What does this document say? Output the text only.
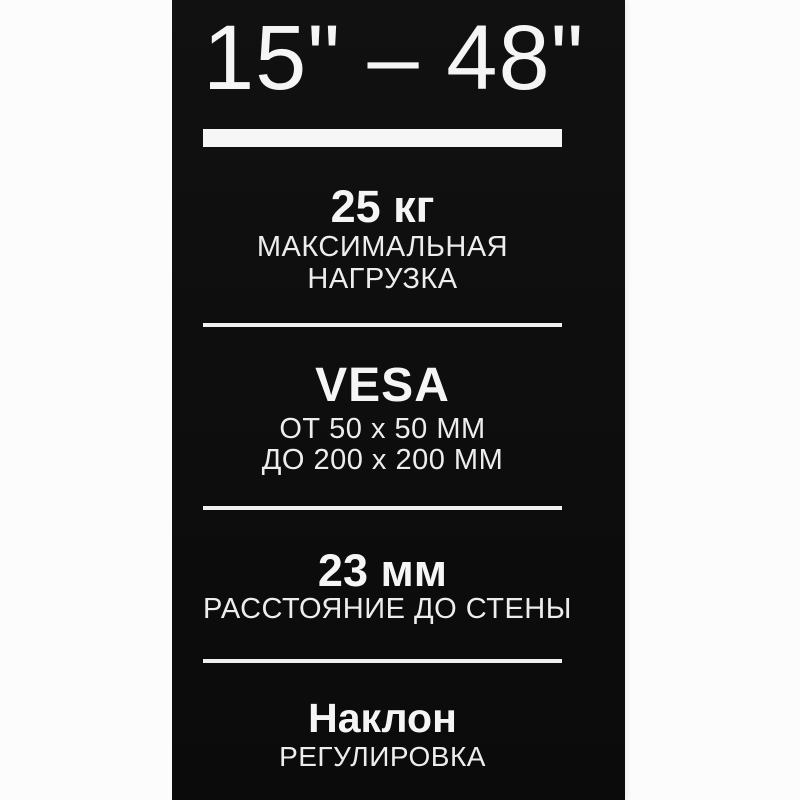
15" – 48"
25 кг
МАКСИМАЛЬНАЯ
НАГРУЗКА
VESA
ОТ 50 x 50 ММ
ДО 200 x 200 ММ
23 мм
РАССТОЯНИЕ ДО СТЕНЫ
Наклон
РЕГУЛИРОВКА
